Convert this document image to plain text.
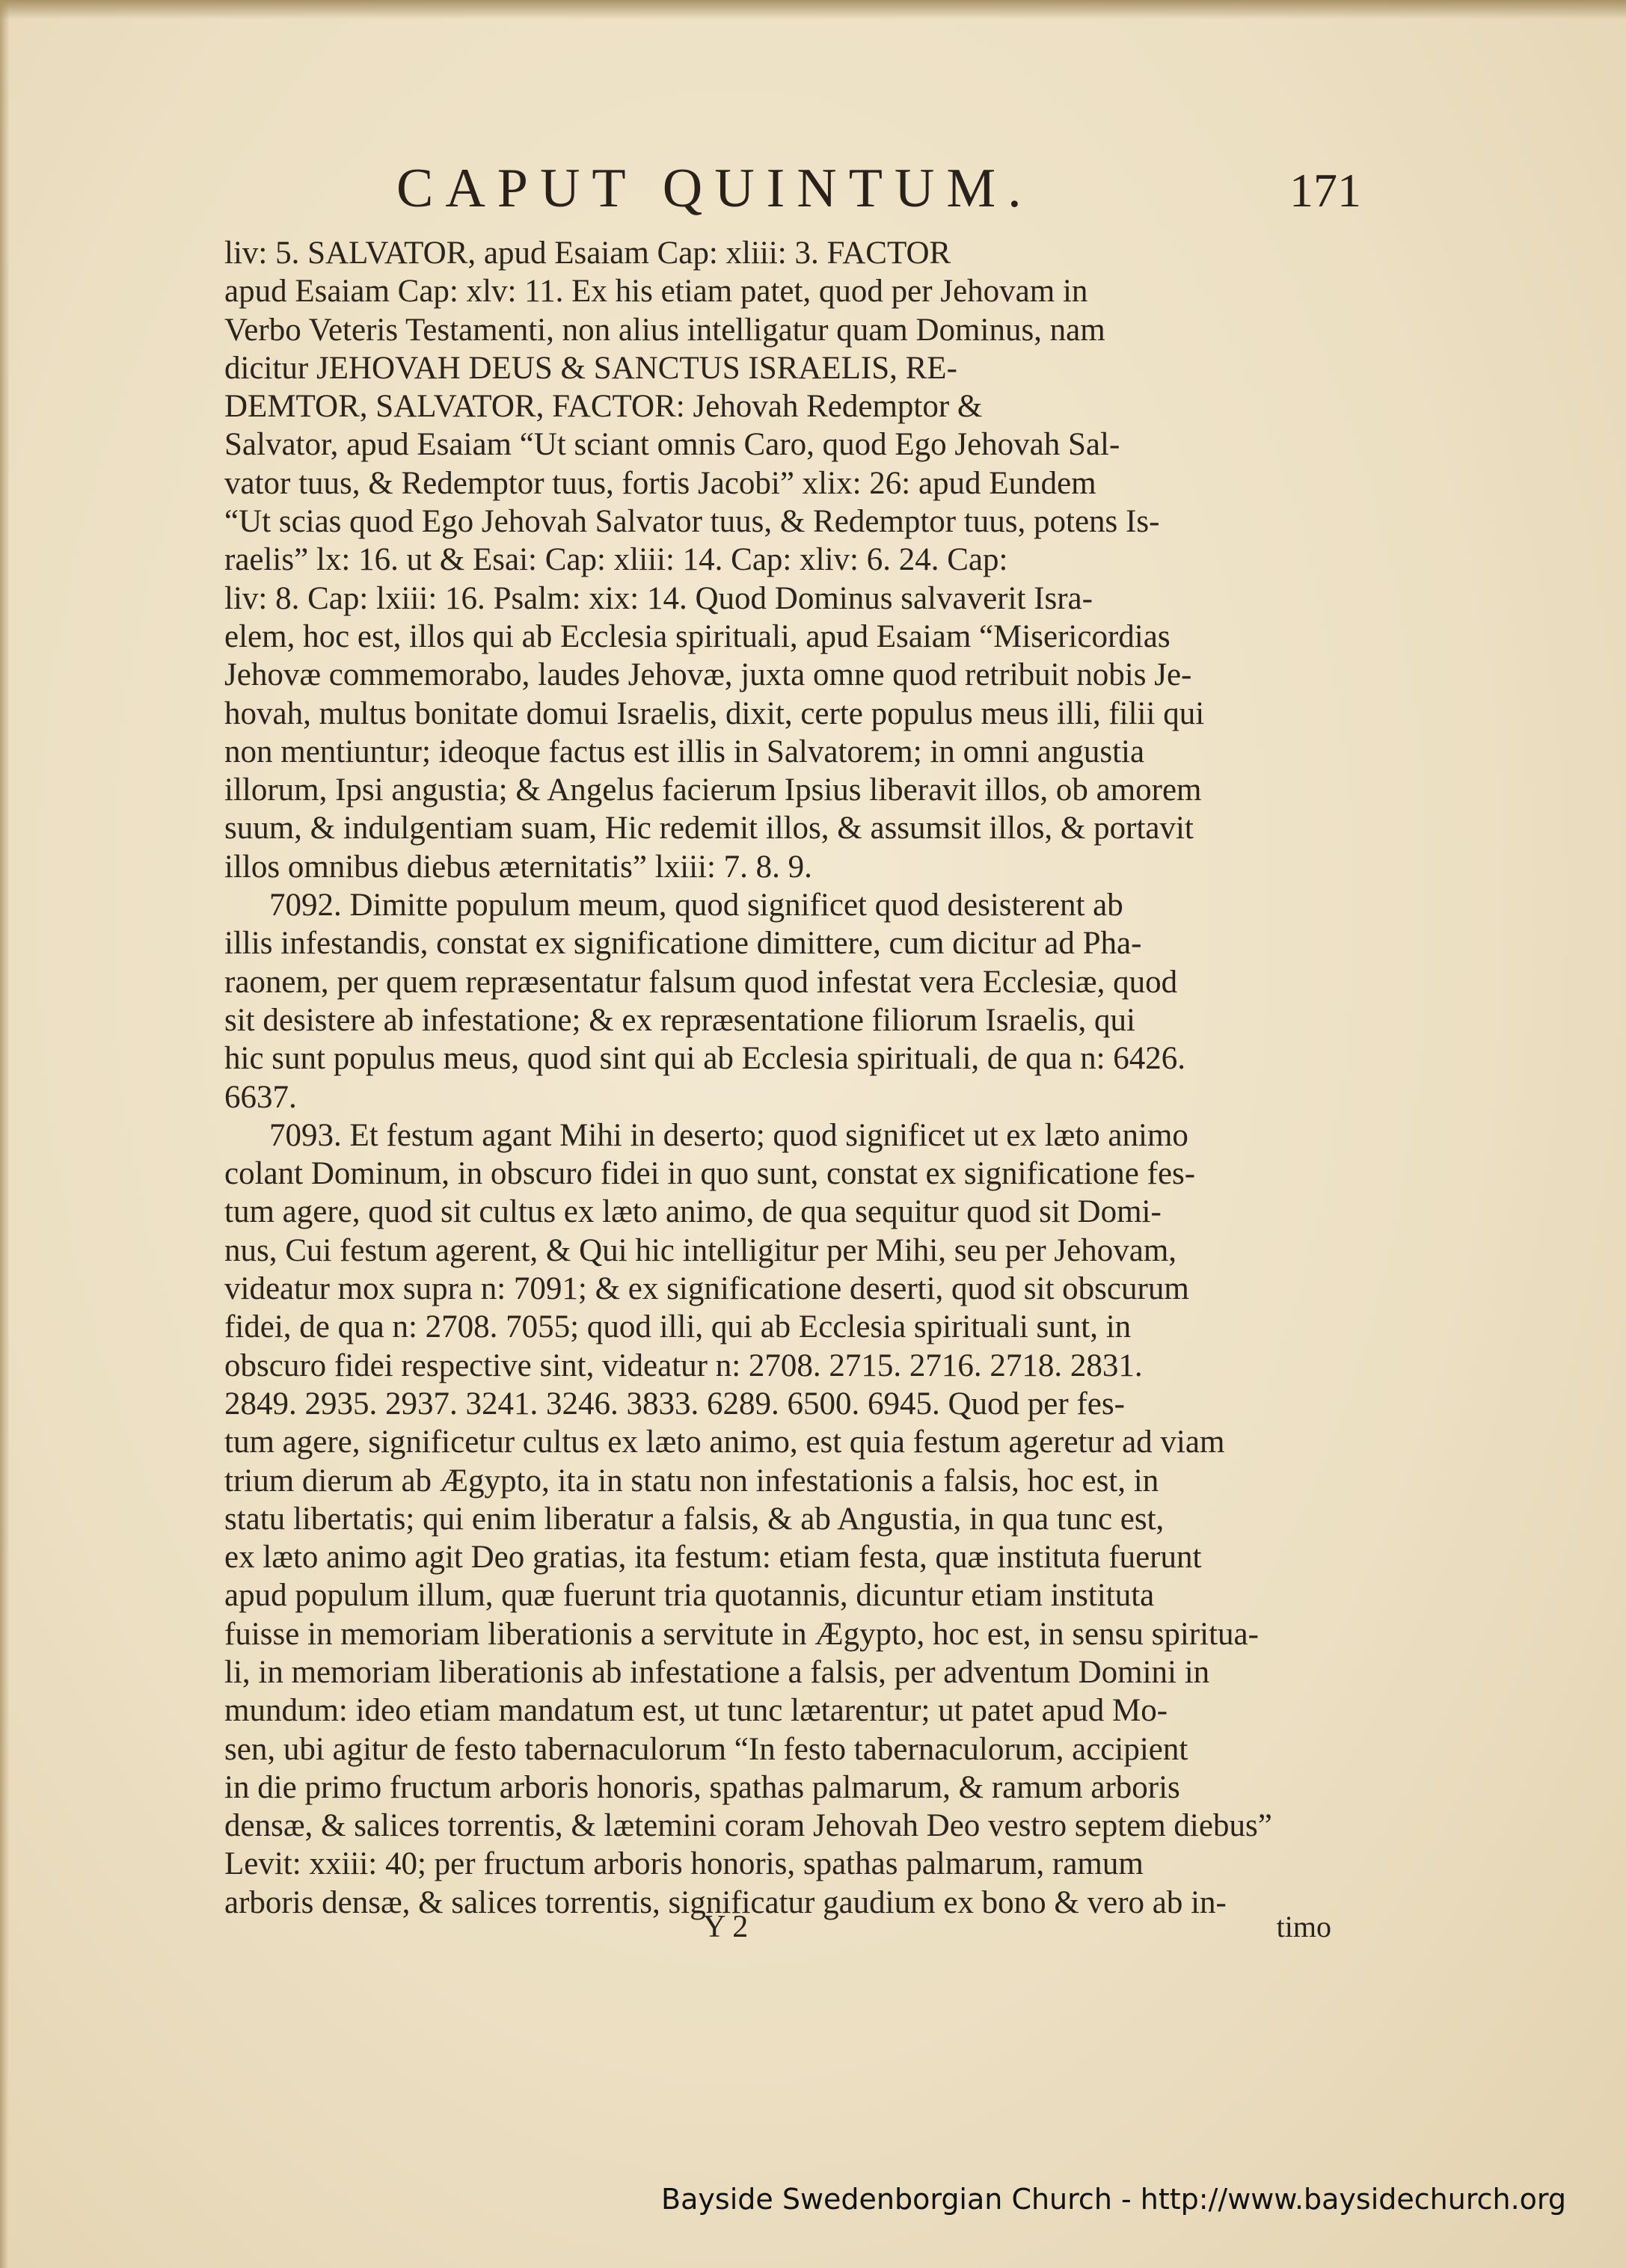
CAPUT QUINTUM.	171
liv: 5. SALVATOR, apud Esaiam Cap: xliii: 3. FACTOR
apud Esaiam Cap: xlv: 11. Ex his etiam patet, quod per Jehovam in
Verbo Veteris Testamenti, non alius intelligatur quam Dominus, nam
dicitur JEHOVAH DEUS & SANCTUS ISRAELIS, RE-
DEMTOR, SALVATOR, FACTOR: Jehovah Redemptor &
Salvator, apud Esaiam “Ut sciant omnis Caro, quod Ego Jehovah Sal-
vator tuus, & Redemptor tuus, fortis Jacobi” xlix: 26: apud Eundem
“Ut scias quod Ego Jehovah Salvator tuus, & Redemptor tuus, potens Is-
raelis” lx: 16. ut & Esai: Cap: xliii: 14. Cap: xliv: 6. 24. Cap:
liv: 8. Cap: lxiii: 16. Psalm: xix: 14. Quod Dominus salvaverit Isra-
elem, hoc est, illos qui ab Ecclesia spirituali, apud Esaiam “Misericordias
Jehovæ commemorabo, laudes Jehovæ, juxta omne quod retribuit nobis Je-
hovah, multus bonitate domui Israelis, dixit, certe populus meus illi, filii qui
non mentiuntur; ideoque factus est illis in Salvatorem; in omni angustia
illorum, Ipsi angustia; & Angelus facierum Ipsius liberavit illos, ob amorem
suum, & indulgentiam suam, Hic redemit illos, & assumsit illos, & portavit
illos omnibus diebus æternitatis” lxiii: 7. 8. 9.
7092. Dimitte populum meum, quod significet quod desisterent ab
illis infestandis, constat ex significatione dimittere, cum dicitur ad Pha-
raonem, per quem repræsentatur falsum quod infestat vera Ecclesiæ, quod
sit desistere ab infestatione; & ex repræsentatione filiorum Israelis, qui
hic sunt populus meus, quod sint qui ab Ecclesia spirituali, de qua n: 6426.
6637.
7093. Et festum agant Mihi in deserto; quod significet ut ex læto animo
colant Dominum, in obscuro fidei in quo sunt, constat ex significatione fes-
tum agere, quod sit cultus ex læto animo, de qua sequitur quod sit Domi-
nus, Cui festum agerent, & Qui hic intelligitur per Mihi, seu per Jehovam,
videatur mox supra n: 7091; & ex significatione deserti, quod sit obscurum
fidei, de qua n: 2708. 7055; quod illi, qui ab Ecclesia spirituali sunt, in
obscuro fidei respective sint, videatur n: 2708. 2715. 2716. 2718. 2831.
2849. 2935. 2937. 3241. 3246. 3833. 6289. 6500. 6945. Quod per fes-
tum agere, significetur cultus ex læto animo, est quia festum ageretur ad viam
trium dierum ab Ægypto, ita in statu non infestationis a falsis, hoc est, in
statu libertatis; qui enim liberatur a falsis, & ab Angustia, in qua tunc est,
ex læto animo agit Deo gratias, ita festum: etiam festa, quæ instituta fuerunt
apud populum illum, quæ fuerunt tria quotannis, dicuntur etiam instituta
fuisse in memoriam liberationis a servitute in Ægypto, hoc est, in sensu spiritua-
li, in memoriam liberationis ab infestatione a falsis, per adventum Domini in
mundum: ideo etiam mandatum est, ut tunc lætarentur; ut patet apud Mo-
sen, ubi agitur de festo tabernaculorum “In festo tabernaculorum, accipient
in die primo fructum arboris honoris, spathas palmarum, & ramum arboris
densæ, & salices torrentis, & lætemini coram Jehovah Deo vestro septem diebus”
Levit: xxiii: 40; per fructum arboris honoris, spathas palmarum, ramum
arboris densæ, & salices torrentis, significatur gaudium ex bono & vero ab in-
Y 2	timo
Bayside Swedenborgian Church - http://www.baysidechurch.org
